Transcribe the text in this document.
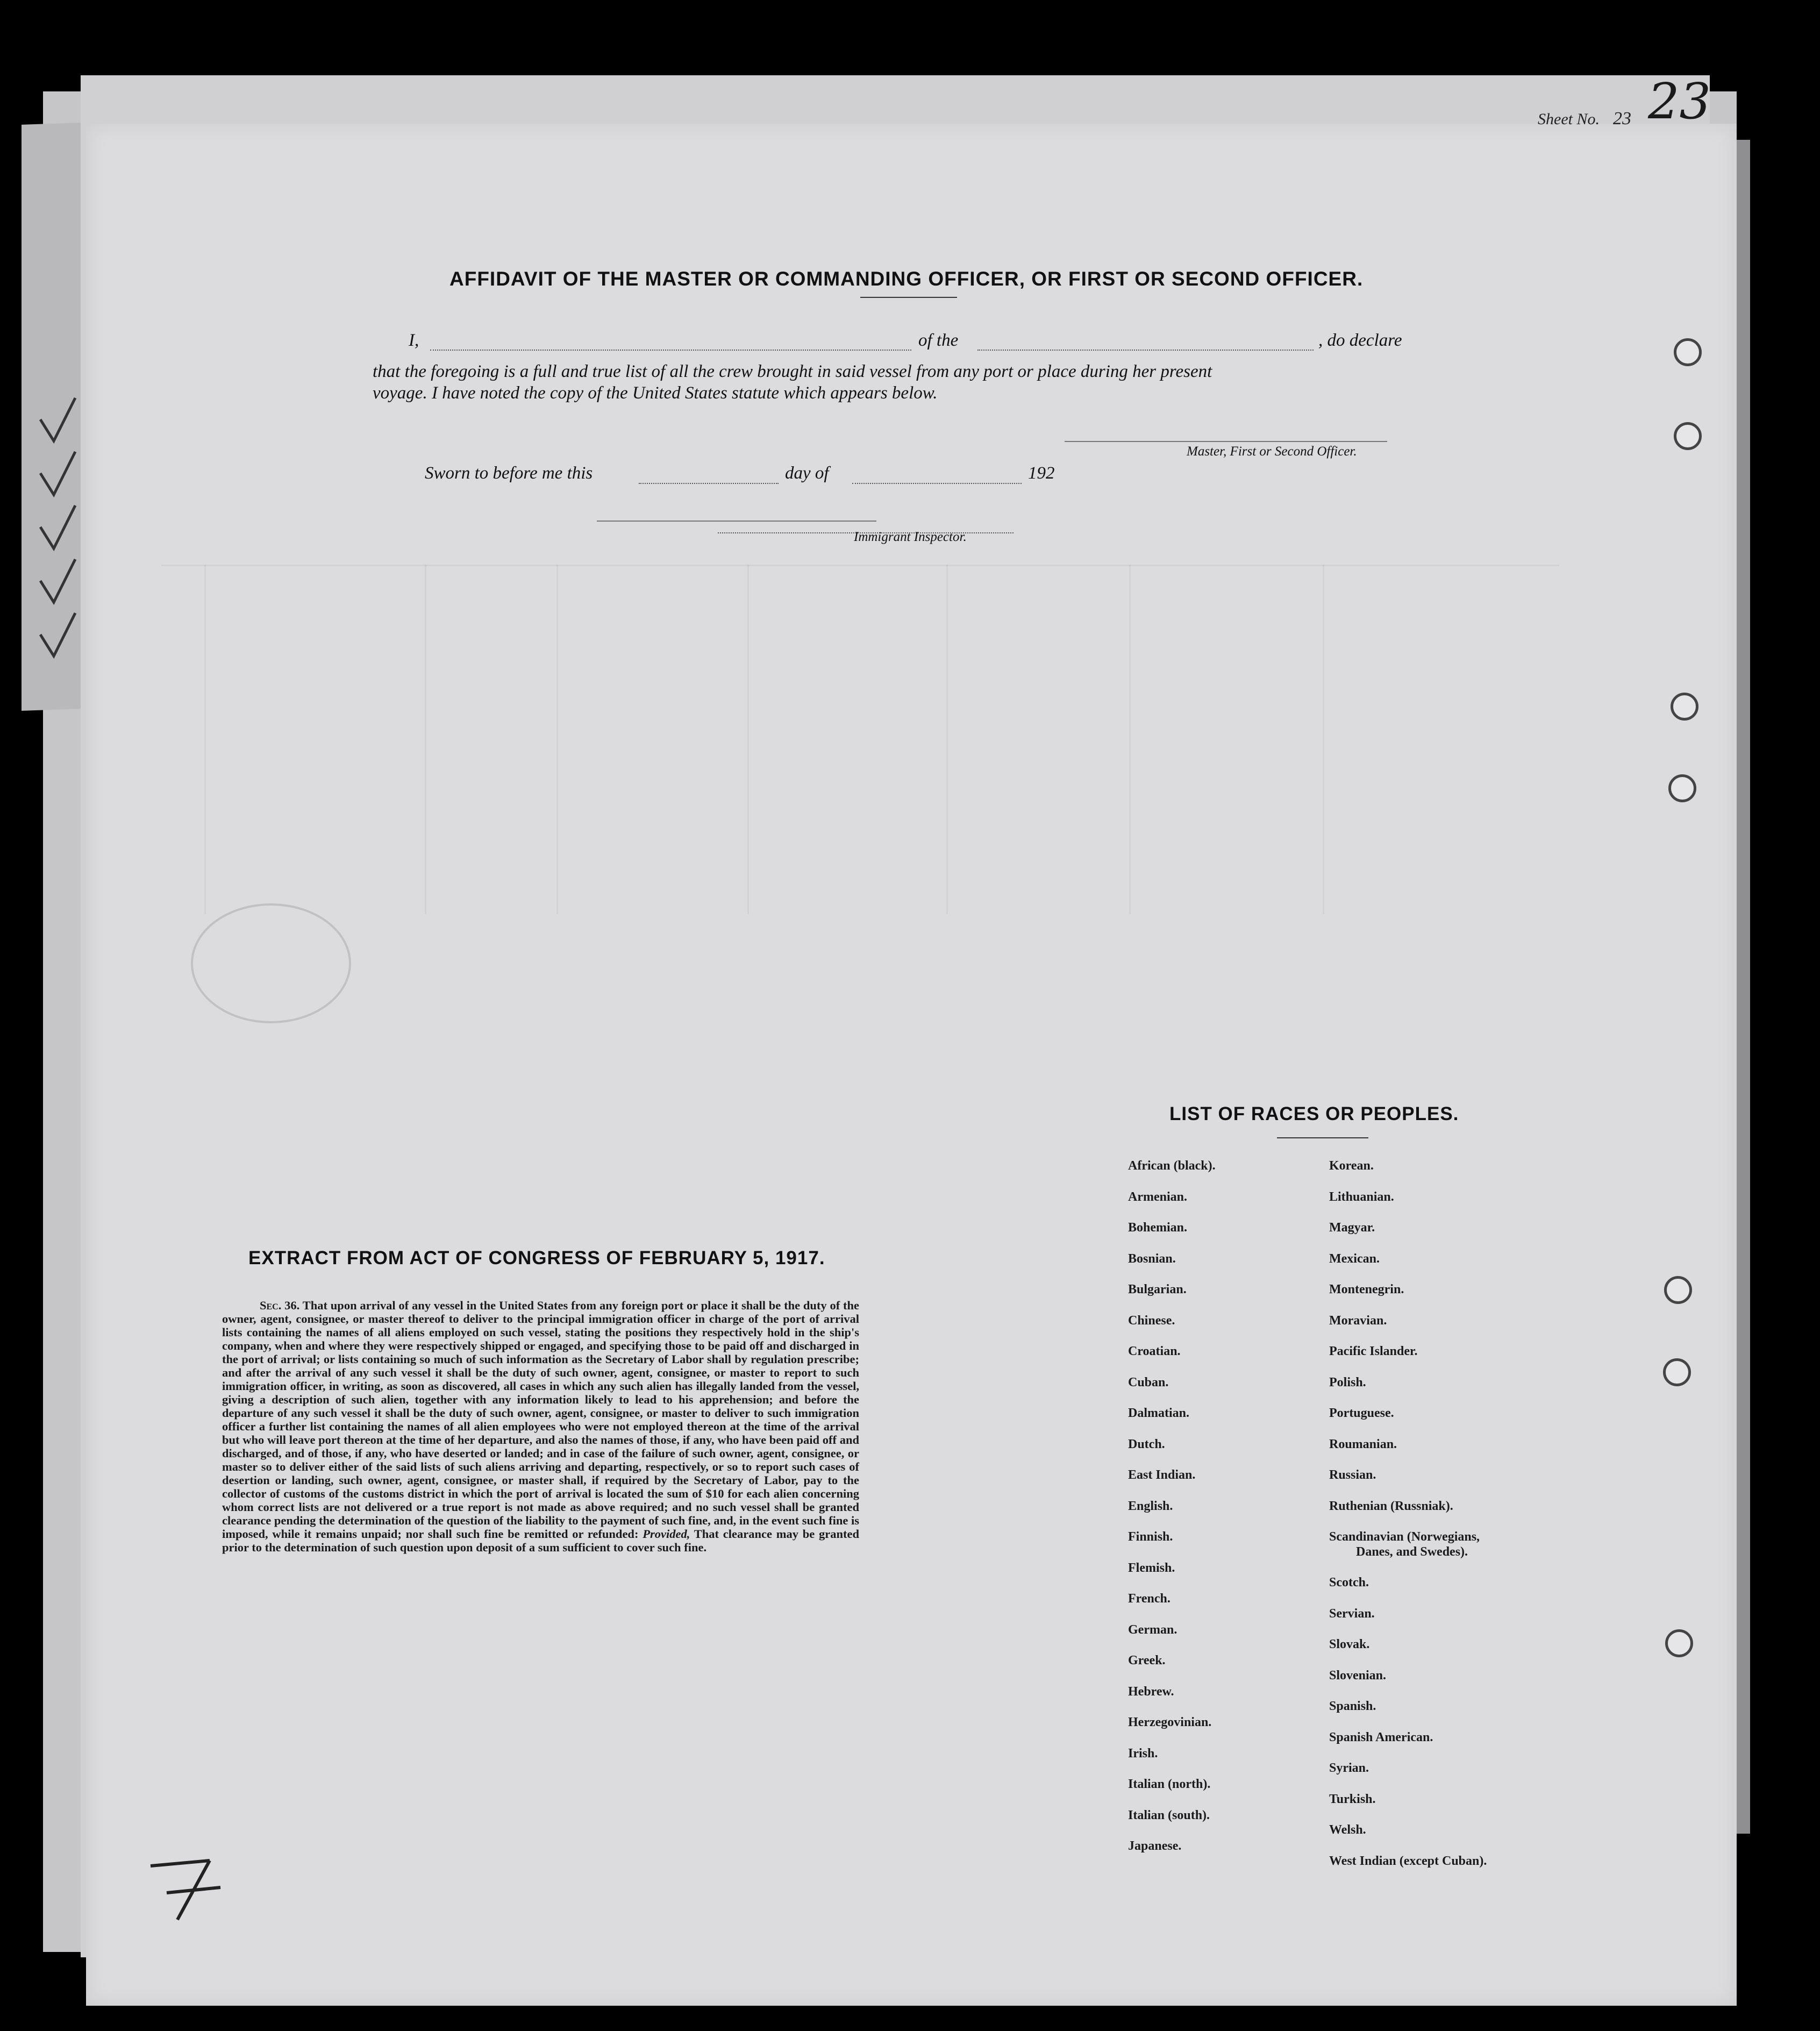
Sheet No. 23 23
AFFIDAVIT OF THE MASTER OR COMMANDING OFFICER, OR FIRST OR SECOND OFFICER.
I,	of the	, do declare
that the foregoing is a full and true list of all the crew brought in said vessel from any port or place during her present
voyage. I have noted the copy of the United States statute which appears below.
Master, First or Second Officer.
Sworn to before me this	day of	192
Immigrant Inspector.
EXTRACT FROM ACT OF CONGRESS OF FEBRUARY 5, 1917.
Sec. 36. That upon arrival of any vessel in the United States from any foreign port or place it shall be the duty of the owner, agent, consignee, or master thereof to deliver to the principal immigration officer in charge of the port of arrival lists containing the names of all aliens employed on such vessel, stating the positions they respectively hold in the ship's company, when and where they were respectively shipped or engaged, and specifying those to be paid off and discharged in the port of arrival; or lists containing so much of such information as the Secretary of Labor shall by regulation prescribe; and after the arrival of any such vessel it shall be the duty of such owner, agent, consignee, or master to report to such immigration officer, in writing, as soon as discovered, all cases in which any such alien has illegally landed from the vessel, giving a description of such alien, together with any information likely to lead to his apprehension; and before the departure of any such vessel it shall be the duty of such owner, agent, consignee, or master to deliver to such immigration officer a further list containing the names of all alien employees who were not employed thereon at the time of the arrival but who will leave port thereon at the time of her departure, and also the names of those, if any, who have been paid off and discharged, and of those, if any, who have deserted or landed; and in case of the failure of such owner, agent, consignee, or master so to deliver either of the said lists of such aliens arriving and departing, respectively, or so to report such cases of desertion or landing, such owner, agent, consignee, or master shall, if required by the Secretary of Labor, pay to the collector of customs of the customs district in which the port of arrival is located the sum of $10 for each alien concerning whom correct lists are not delivered or a true report is not made as above required; and no such vessel shall be granted clearance pending the determination of the question of the liability to the payment of such fine, and, in the event such fine is imposed, while it remains unpaid; nor shall such fine be remitted or refunded: Provided, That clearance may be granted prior to the determination of such question upon deposit of a sum sufficient to cover such fine.
LIST OF RACES OR PEOPLES.
African (black).
Armenian.
Bohemian.
Bosnian.
Bulgarian.
Chinese.
Croatian.
Cuban.
Dalmatian.
Dutch.
East Indian.
English.
Finnish.
Flemish.
French.
German.
Greek.
Hebrew.
Herzegovinian.
Irish.
Italian (north).
Italian (south).
Japanese.
Korean.
Lithuanian.
Magyar.
Mexican.
Montenegrin.
Moravian.
Pacific Islander.
Polish.
Portuguese.
Roumanian.
Russian.
Ruthenian (Russniak).
Scandinavian (Norwegians,
Danes, and Swedes).
Scotch.
Servian.
Slovak.
Slovenian.
Spanish.
Spanish American.
Syrian.
Turkish.
Welsh.
West Indian (except Cuban).
